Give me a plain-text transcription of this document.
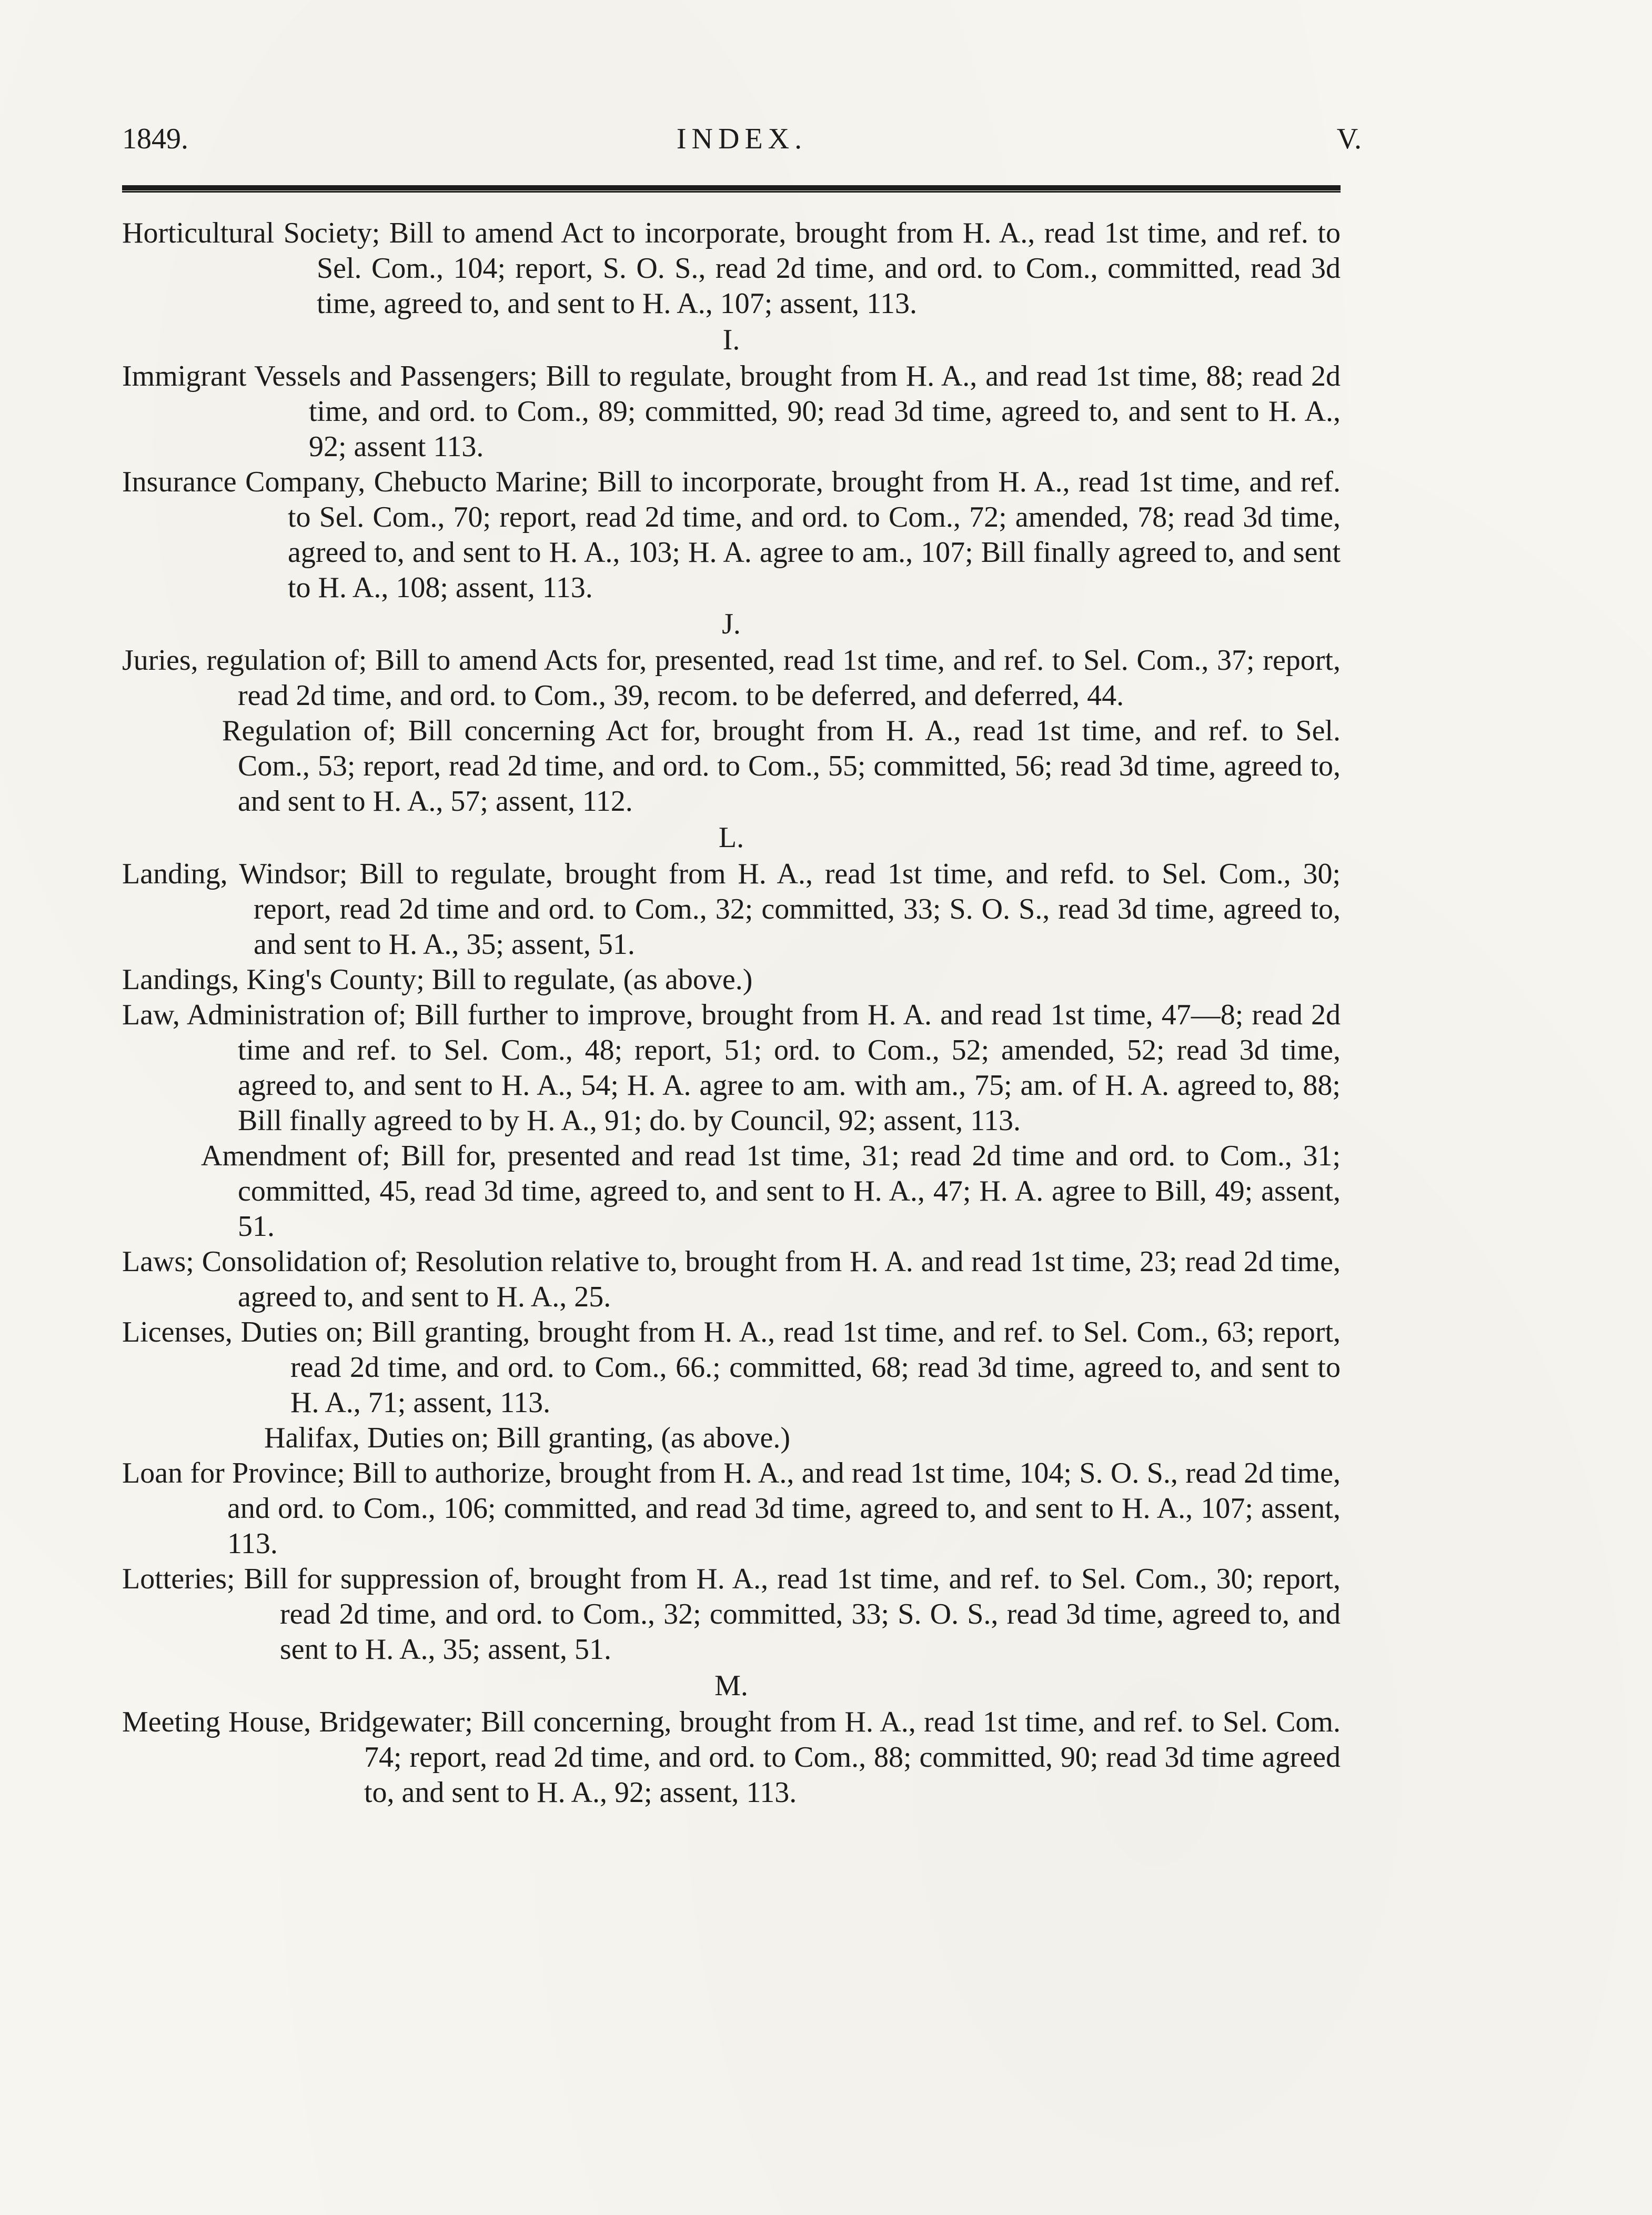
1849.	INDEX.	V.

Horticultural Society; Bill to amend Act to incorporate, brought from H. A., read 1st time, and ref. to Sel. Com., 104; report, S. O. S., read 2d time, and ord. to Com., committed, read 3d time, agreed to, and sent to H. A., 107; assent, 113.

I.

Immigrant Vessels and Passengers; Bill to regulate, brought from H. A., and read 1st time, 88; read 2d time, and ord. to Com., 89; committed, 90; read 3d time, agreed to, and sent to H. A., 92; assent 113.

Insurance Company, Chebucto Marine; Bill to incorporate, brought from H. A., read 1st time, and ref. to Sel. Com., 70; report, read 2d time, and ord. to Com., 72; amended, 78; read 3d time, agreed to, and sent to H. A., 103; H. A. agree to am., 107; Bill finally agreed to, and sent to H. A., 108; assent, 113.

J.

Juries, regulation of; Bill to amend Acts for, presented, read 1st time, and ref. to Sel. Com., 37; report, read 2d time, and ord. to Com., 39, recom. to be deferred, and deferred, 44.

Regulation of; Bill concerning Act for, brought from H. A., read 1st time, and ref. to Sel. Com., 53; report, read 2d time, and ord. to Com., 55; committed, 56; read 3d time, agreed to, and sent to H. A., 57; assent, 112.

L.

Landing, Windsor; Bill to regulate, brought from H. A., read 1st time, and refd. to Sel. Com., 30; report, read 2d time and ord. to Com., 32; committed, 33; S. O. S., read 3d time, agreed to, and sent to H. A., 35; assent, 51.

Landings, King's County; Bill to regulate, (as above.)

Law, Administration of; Bill further to improve, brought from H. A. and read 1st time, 47—8; read 2d time and ref. to Sel. Com., 48; report, 51; ord. to Com., 52; amended, 52; read 3d time, agreed to, and sent to H. A., 54; H. A. agree to am. with am., 75; am. of H. A. agreed to, 88; Bill finally agreed to by H. A., 91; do. by Council, 92; assent, 113.

Amendment of; Bill for, presented and read 1st time, 31; read 2d time and ord. to Com., 31; committed, 45, read 3d time, agreed to, and sent to H. A., 47; H. A. agree to Bill, 49; assent, 51.

Laws; Consolidation of; Resolution relative to, brought from H. A. and read 1st time, 23; read 2d time, agreed to, and sent to H. A., 25.

Licenses, Duties on; Bill granting, brought from H. A., read 1st time, and ref. to Sel. Com., 63; report, read 2d time, and ord. to Com., 66.; committed, 68; read 3d time, agreed to, and sent to H. A., 71; assent, 113.

Halifax, Duties on; Bill granting, (as above.)

Loan for Province; Bill to authorize, brought from H. A., and read 1st time, 104; S. O. S., read 2d time, and ord. to Com., 106; committed, and read 3d time, agreed to, and sent to H. A., 107; assent, 113.

Lotteries; Bill for suppression of, brought from H. A., read 1st time, and ref. to Sel. Com., 30; report, read 2d time, and ord. to Com., 32; committed, 33; S. O. S., read 3d time, agreed to, and sent to H. A., 35; assent, 51.

M.

Meeting House, Bridgewater; Bill concerning, brought from H. A., read 1st time, and ref. to Sel. Com. 74; report, read 2d time, and ord. to Com., 88; committed, 90; read 3d time agreed to, and sent to H. A., 92; assent, 113.
